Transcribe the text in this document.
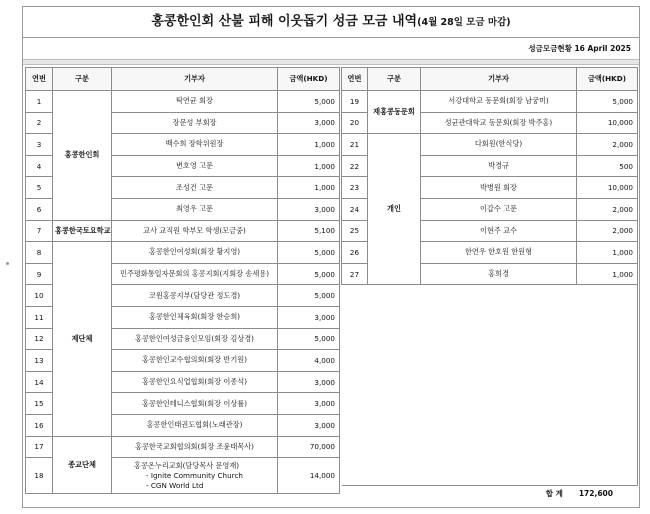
홍콩한인회 산불 피해 이웃돕기 성금 모금 내역(4월 28일 모금 마감)
성금모금현황 16 April 2025
연번	구분	기부자	금액(HKD)
1	홍콩한인회	탁연균 회장	5,000
2		장문성 부회장	3,000
3		백수희 장학위원장	1,000
4		변호영 고문	1,000
5		조성건 고문	1,000
6		최영우 고문	3,000
7	홍콩한국토요학교	교사 교직원 학부모 학생(모금중)	5,100
8	제단체	홍콩한인여성회(회장 황지영)	5,000
9		민주평화통일자문회의 홍콩지회(지회장 송세용)	5,000
10		코윈홍콩지부(담당관 정도경)	5,000
11		홍콩한인체육회(회장 한승희)	3,000
12		홍콩한인여성금융인모임(회장 김상경)	5,000
13		홍콩한인교수협의회(회장 반기원)	4,000
14		홍콩한인요식업협회(회장 이종석)	3,000
15		홍콩한인테니스협회(회장 이상률)	3,000
16		홍콩한인태권도협회(노래관장)	3,000
17	종교단체	홍콩한국교회협의회(회장 조윤태목사)	70,000
18		홍콩온누리교회(담당목사 문영재)
- Ignite Community Church
- CGN World Ltd	14,000
연번	구분	기부자	금액(HKD)
19	재홍콩동문회	서강대학교 동문회(회장 남궁미)	5,000
20		성균관대학교 동문회(회장 박주홍)	10,000
21	개인	다회원(한식당)	2,000
22		박경규	500
23		박병원 회장	10,000
24		이갑수 고문	2,000
25		이현주 교수	2,000
26		한연우 한호원 한원형	1,000
27		홍희경	1,000

합 계 172,600
